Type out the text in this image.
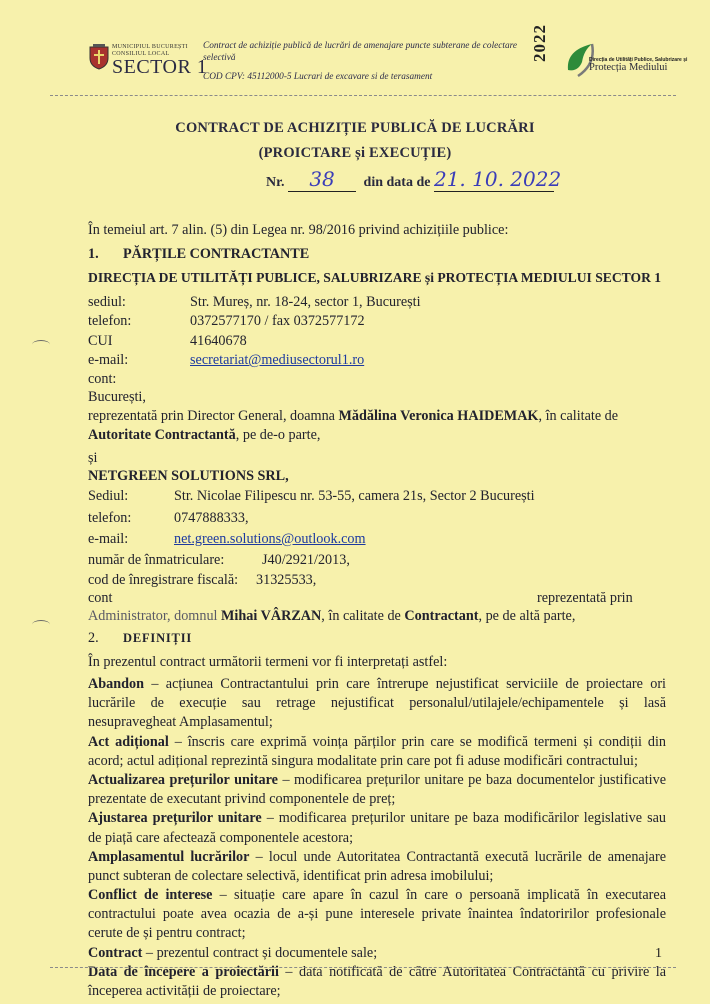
MUNICIPIUL BUCUREȘTI
CONSILIUL LOCAL
SECTOR 1
Contract de achiziție publică de lucrări de amenajare puncte subterane de colectare
selectivă
COD CPV: 45112000-5 Lucrari de excavare si de terasament
2022	Direcția de Utilități Publice, Salubrizare și
Protecția Mediului
CONTRACT DE ACHIZIȚIE PUBLICĂ DE LUCRĂRI
(PROICTARE și EXECUȚIE)
Nr. 38 din data de 21. 10. 2022
În temeiul art. 7 alin. (5) din Legea nr. 98/2016 privind achizițiile publice:
1. PĂRȚILE CONTRACTANTE
DIRECȚIA DE UTILITĂȚI PUBLICE, SALUBRIZARE și PROTECȚIA MEDIULUI SECTOR 1
sediul:	Str. Mureș, nr. 18-24, sector 1, București
telefon:	0372577170 / fax 0372577172
CUI	41640678
e-mail:	secretariat@mediusectorul1.ro
cont:
București,
reprezentată prin Director General, doamna Mădălina Veronica HAIDEMAK, în calitate de
Autoritate Contractantă, pe de-o parte,
și
NETGREEN SOLUTIONS SRL,
Sediul:	Str. Nicolae Filipescu nr. 53-55, camera 21s, Sector 2 București
telefon:	0747888333,
e-mail:	net.green.solutions@outlook.com
număr de înmatriculare:	J40/2921/2013,
cod de înregistrare fiscală: 31325533,
cont	reprezentată prin
Administrator, domnul Mihai VÂRZAN, în calitate de Contractant, pe de altă parte,
2. DEFINIȚII
În prezentul contract următorii termeni vor fi interpretați astfel:
Abandon – acțiunea Contractantului prin care întrerupe nejustificat serviciile de proiectare ori
lucrările de execuție sau retrage nejustificat personalul/utilajele/echipamentele și lasă
nesupravegheat Amplasamentul;
Act adițional – înscris care exprimă voința părților prin care se modifică termeni și condiții din
acord; actul adițional reprezintă singura modalitate prin care pot fi aduse modificări contractului;
Actualizarea prețurilor unitare – modificarea prețurilor unitare pe baza documentelor justificative
prezentate de executant privind componentele de preț;
Ajustarea prețurilor unitare – modificarea prețurilor unitare pe baza modificărilor legislative sau
de piață care afectează componentele acestora;
Amplasamentul lucrărilor – locul unde Autoritatea Contractantă execută lucrările de amenajare
punct subteran de colectare selectivă, identificat prin adresa imobilului;
Conflict de interese – situație care apare în cazul în care o persoană implicată în executarea
contractului poate avea ocazia de a-și pune interesele private înaintea îndatoririlor profesionale
cerute de și pentru contract;
Contract – prezentul contract și documentele sale;
Data de începere a proiectării – data notificată de către Autoritatea Contractantă cu privire la
începerea activității de proiectare;
1
